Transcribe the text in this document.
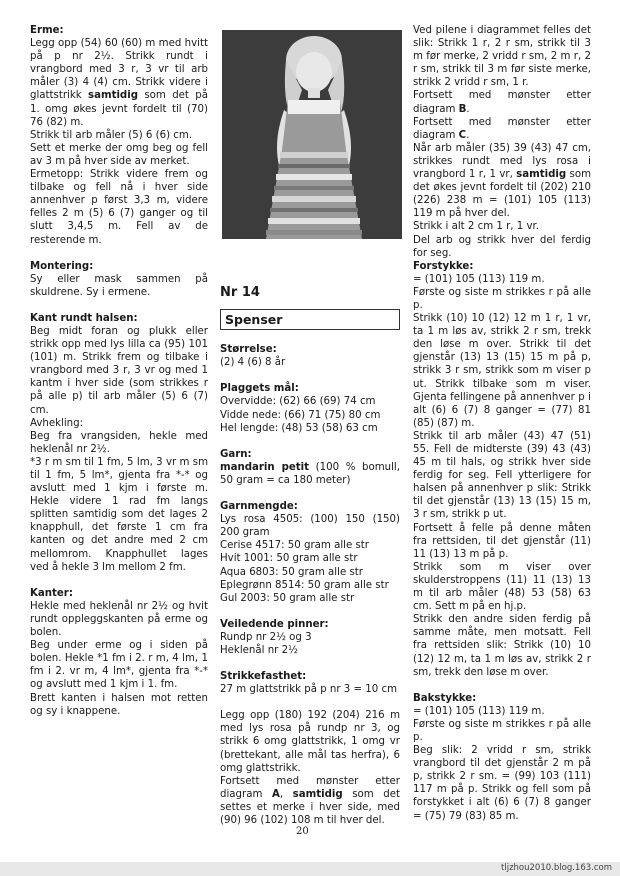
Erme:

Legg opp (54) 60 (60) m med hvitt på p nr 2½. Strikk rundt i vrangbord med 3 r, 3 vr til arb måler (3) 4 (4) cm. Strikk videre i glattstrikk samtidig som det på 1. omg økes jevnt fordelt til (70) 76 (82) m.

Strikk til arb måler (5) 6 (6) cm.

Sett et merke der omg beg og fell av 3 m på hver side av merket.

Ermetopp: Strikk videre frem og tilbake og fell nå i hver side annenhver p først 3,3 m, videre felles 2 m (5) 6 (7) ganger og til slutt 3,4,5 m. Fell av de resterende m.

Montering:

Sy eller mask sammen på skuldrene. Sy i ermene.

Kant rundt halsen:

Beg midt foran og plukk eller strikk opp med lys lilla ca (95) 101 (101) m. Strikk frem og tilbake i vrangbord med 3 r, 3 vr og med 1 kantm i hver side (som strikkes r på alle p) til arb måler (5) 6 (7) cm.

Avhekling:

Beg fra vrangsiden, hekle med heklenål nr 2½.

*3 r m sm til 1 fm, 5 lm, 3 vr m sm til 1 fm, 5 lm*, gjenta fra *-* og avslutt med 1 kjm i første m. Hekle videre 1 rad fm langs splitten samtidig som det lages 2 knapphull, det første 1 cm fra kanten og det andre med 2 cm mellomrom. Knapphullet lages ved å hekle 3 lm mellom 2 fm.

Kanter:

Hekle med heklenål nr 2½ og hvit rundt oppleggskanten på erme og bolen.

Beg under erme og i siden på bolen. Hekle *1 fm i 2. r m, 4 lm, 1 fm i 2. vr m, 4 lm*, gjenta fra *-* og avslutt med 1 kjm i 1. fm.

Brett kanten i halsen mot retten og sy i knappene.

Nr 14

Spenser

Størrelse:

(2) 4 (6) 8 år

Plaggets mål:

Overvidde: (62) 66 (69) 74 cm

Vidde nede: (66) 71 (75) 80 cm

Hel lengde: (48) 53 (58) 63 cm

Garn:

mandarin petit (100 % bomull, 50 gram = ca 180 meter)

Garnmengde:

Lys rosa 4505: (100) 150 (150) 200 gram

Cerise 4517: 50 gram alle str

Hvit 1001: 50 gram alle str

Aqua 6803: 50 gram alle str

Eplegrønn 8514: 50 gram alle str

Gul 2003: 50 gram alle str

Veiledende pinner:

Rundp nr 2½ og 3

Heklenål nr 2½

Strikkefasthet:

27 m glattstrikk på p nr 3 = 10 cm

Legg opp (180) 192 (204) 216 m med lys rosa på rundp nr 3, og strikk 6 omg glattstrikk, 1 omg vr (brettekant, alle mål tas herfra), 6 omg glattstrikk.

Fortsett med mønster etter diagram A, samtidig som det settes et merke i hver side, med (90) 96 (102) 108 m til hver del.

Ved pilene i diagrammet felles det slik: Strikk 1 r, 2 r sm, strikk til 3 m før merke, 2 vridd r sm, 2 m r, 2 r sm, strikk til 3 m før siste merke, strikk 2 vridd r sm, 1 r.

Fortsett med mønster etter diagram B.

Fortsett med mønster etter diagram C.

Når arb måler (35) 39 (43) 47 cm, strikkes rundt med lys rosa i vrangbord 1 r, 1 vr, samtidig som det økes jevnt fordelt til (202) 210 (226) 238 m = (101) 105 (113) 119 m på hver del.

Strikk i alt 2 cm 1 r, 1 vr.

Del arb og strikk hver del ferdig for seg.

Forstykke:

= (101) 105 (113) 119 m.

Første og siste m strikkes r på alle p.

Strikk (10) 10 (12) 12 m 1 r, 1 vr, ta 1 m løs av, strikk 2 r sm, trekk den løse m over. Strikk til det gjenstår (13) 13 (15) 15 m på p, strikk 3 r sm, strikk som m viser p ut. Strikk tilbake som m viser. Gjenta fellingene på annenhver p i alt (6) 6 (7) 8 ganger = (77) 81 (85) (87) m.

Strikk til arb måler (43) 47 (51) 55. Fell de midterste (39) 43 (43) 45 m til hals, og strikk hver side ferdig for seg. Fell ytterligere for halsen på annenhver p slik: Strikk til det gjenstår (13) 13 (15) 15 m, 3 r sm, strikk p ut.

Fortsett å felle på denne måten fra rettsiden, til det gjenstår (11) 11 (13) 13 m på p.

Strikk som m viser over skulderstroppens (11) 11 (13) 13 m til arb måler (48) 53 (58) 63 cm. Sett m på en hj.p.

Strikk den andre siden ferdig på samme måte, men motsatt. Fell fra rettsiden slik: Strikk (10) 10 (12) 12 m, ta 1 m løs av, strikk 2 r sm, trekk den løse m over.

Bakstykke:

= (101) 105 (113) 119 m.

Første og siste m strikkes r på alle p.

Beg slik: 2 vridd r sm, strikk vrangbord til det gjenstår 2 m på p, strikk 2 r sm. = (99) 103 (111) 117 m på p. Strikk og fell som på forstykket i alt (6) 6 (7) 8 ganger = (75) 79 (83) 85 m.

20
tljzhou2010.blog.163.com
